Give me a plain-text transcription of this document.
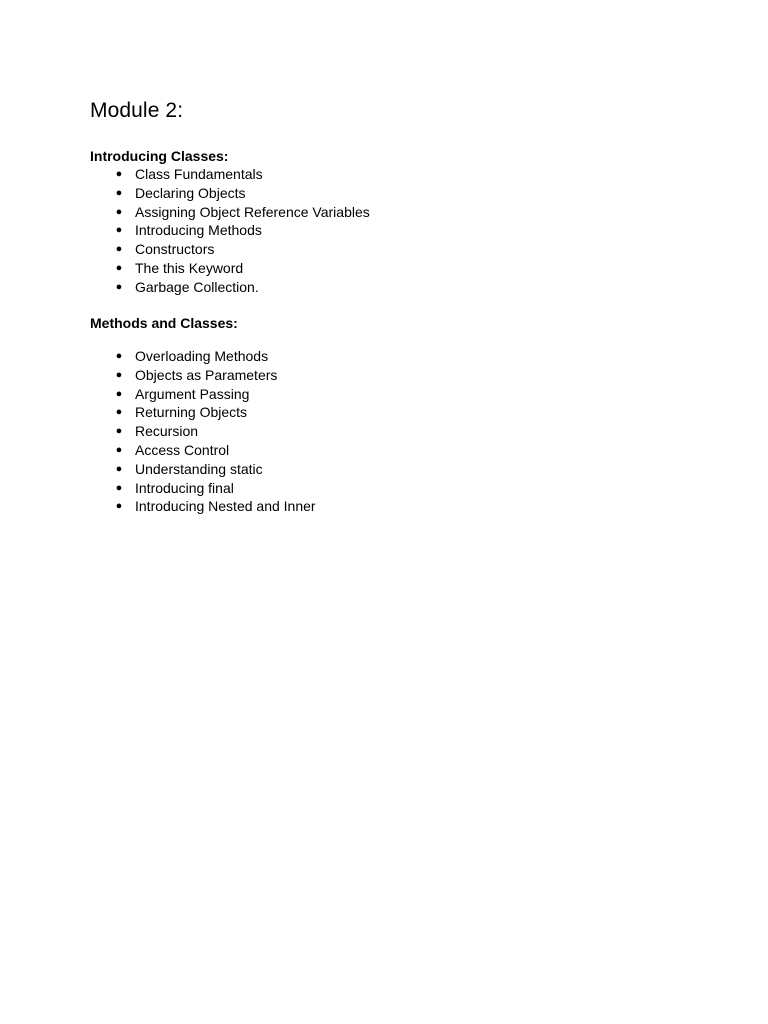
Module 2:
Introducing Classes:
● Class Fundamentals
● Declaring Objects
● Assigning Object Reference Variables
● Introducing Methods
● Constructors
● The this Keyword
● Garbage Collection.
Methods and Classes:
● Overloading Methods
● Objects as Parameters
● Argument Passing
● Returning Objects
● Recursion
● Access Control
● Understanding static
● Introducing final
● Introducing Nested and Inner
